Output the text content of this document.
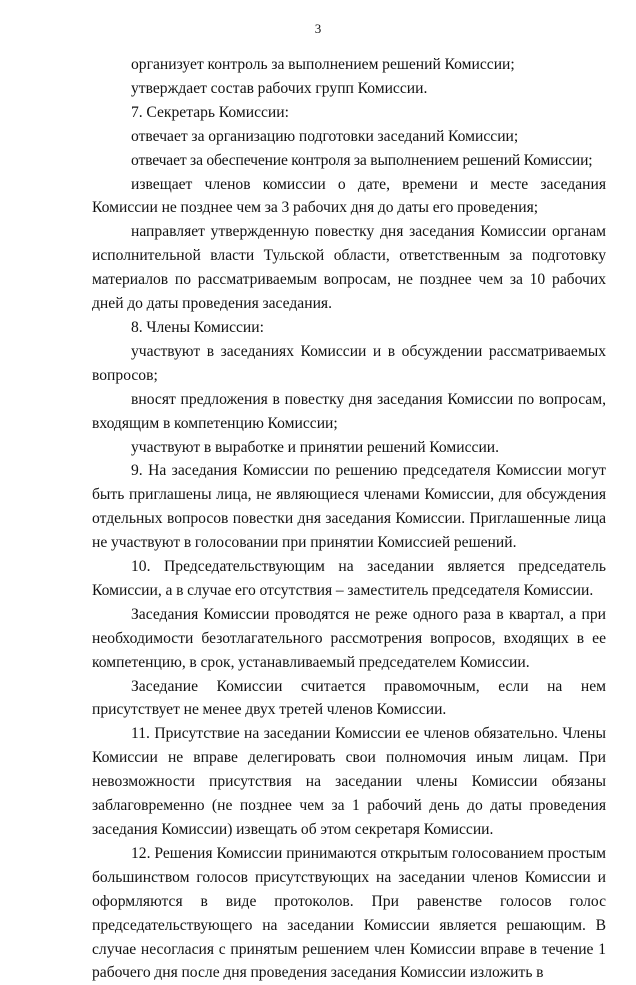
3

организует контроль за выполнением решений Комиссии;

утверждает состав рабочих групп Комиссии.

7. Секретарь Комиссии:

отвечает за организацию подготовки заседаний Комиссии;

отвечает за обеспечение контроля за выполнением решений Комиссии;

извещает членов комиссии о дате, времени и месте заседания Комиссии не позднее чем за 3 рабочих дня до даты его проведения;

направляет утвержденную повестку дня заседания Комиссии органам исполнительной власти Тульской области, ответственным за подготовку материалов по рассматриваемым вопросам, не позднее чем за 10 рабочих дней до даты проведения заседания.

8. Члены Комиссии:

участвуют в заседаниях Комиссии и в обсуждении рассматриваемых вопросов;

вносят предложения в повестку дня заседания Комиссии по вопросам, входящим в компетенцию Комиссии;

участвуют в выработке и принятии решений Комиссии.

9. На заседания Комиссии по решению председателя Комиссии могут быть приглашены лица, не являющиеся членами Комиссии, для обсуждения отдельных вопросов повестки дня заседания Комиссии. Приглашенные лица не участвуют в голосовании при принятии Комиссией решений.

10. Председательствующим на заседании является председатель Комиссии, а в случае его отсутствия – заместитель председателя Комиссии.

Заседания Комиссии проводятся не реже одного раза в квартал, а при необходимости безотлагательного рассмотрения вопросов, входящих в ее компетенцию, в срок, устанавливаемый председателем Комиссии.

Заседание Комиссии считается правомочным, если на нем присутствует не менее двух третей членов Комиссии.

11. Присутствие на заседании Комиссии ее членов обязательно. Члены Комиссии не вправе делегировать свои полномочия иным лицам. При невозможности присутствия на заседании члены Комиссии обязаны заблаговременно (не позднее чем за 1 рабочий день до даты проведения заседания Комиссии) извещать об этом секретаря Комиссии.

12. Решения Комиссии принимаются открытым голосованием простым большинством голосов присутствующих на заседании членов Комиссии и оформляются в виде протоколов. При равенстве голосов голос председательствующего на заседании Комиссии является решающим. В случае несогласия с принятым решением член Комиссии вправе в течение 1 рабочего дня после дня проведения заседания Комиссии изложить в
